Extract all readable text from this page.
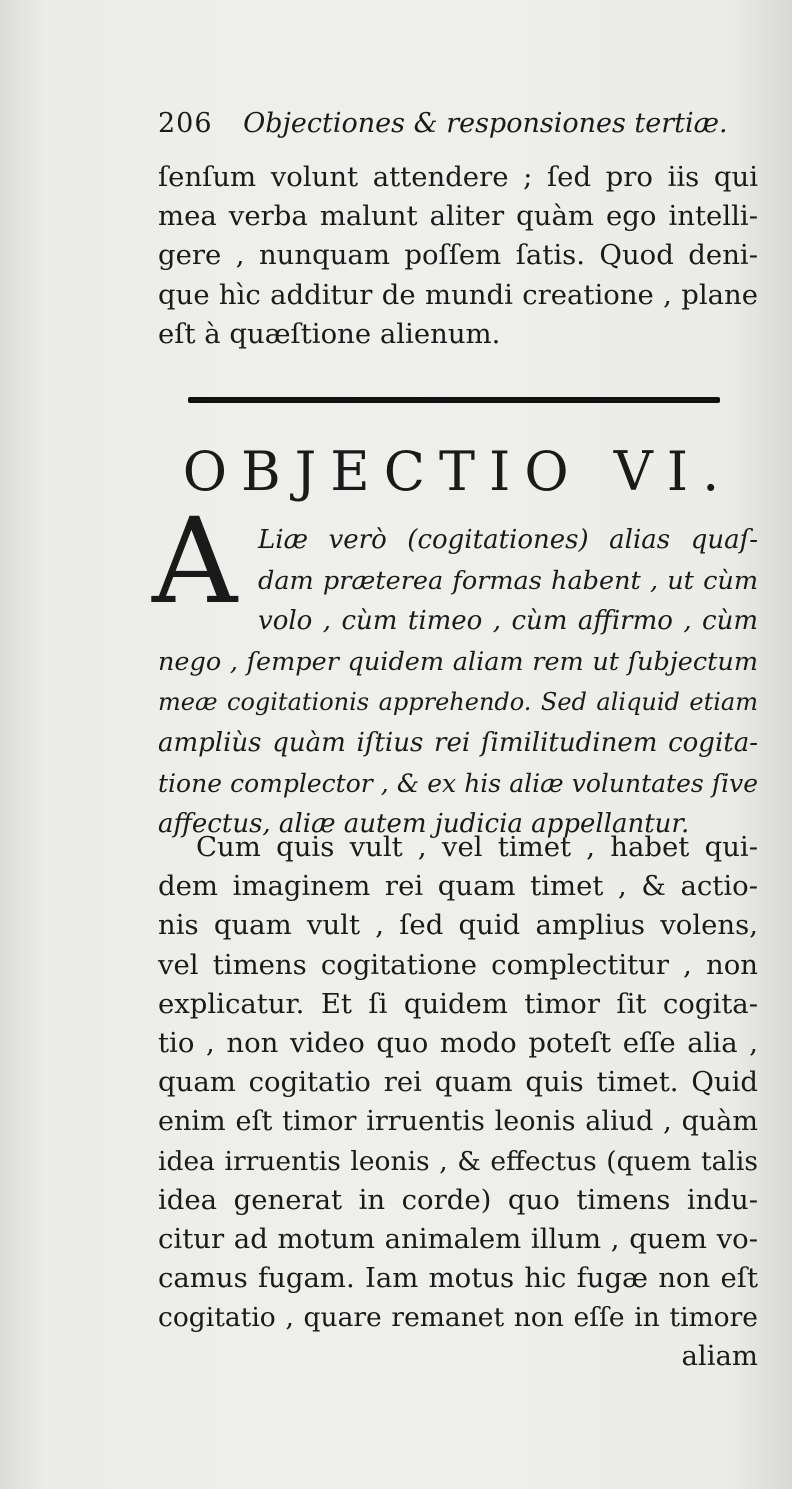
206 Objectiones & responsiones tertiæ.
ſenſum volunt attendere ; ſed pro iis qui
mea verba malunt aliter quàm ego intelli-
gere , nunquam poſſem ſatis. Quod deni-
que hìc additur de mundi creatione , plane
eſt à quæſtione alienum.
OBJECTIO VI.
A Liæ verò (cogitationes) alias quaſ-
dam præterea formas habent , ut cùm
volo , cùm timeo , cùm affirmo , cùm
nego , ſemper quidem aliam rem ut ſubjectum
meæ cogitationis apprehendo. Sed aliquid etiam
ampliùs quàm iſtius rei ſimilitudinem cogita-
tione complector , & ex his aliæ voluntates ſive
affectus, aliæ autem judicia appellantur.
Cum quis vult , vel timet , habet qui-
dem imaginem rei quam timet , & actio-
nis quam vult , ſed quid amplius volens,
vel timens cogitatione complectitur , non
explicatur. Et ſi quidem timor ſit cogita-
tio , non video quo modo poteſt eſſe alia ,
quam cogitatio rei quam quis timet. Quid
enim eſt timor irruentis leonis aliud , quàm
idea irruentis leonis , & effectus (quem talis
idea generat in corde) quo timens indu-
citur ad motum animalem illum , quem vo-
camus fugam. Iam motus hic fugæ non eſt
cogitatio , quare remanet non eſſe in timore
aliam
